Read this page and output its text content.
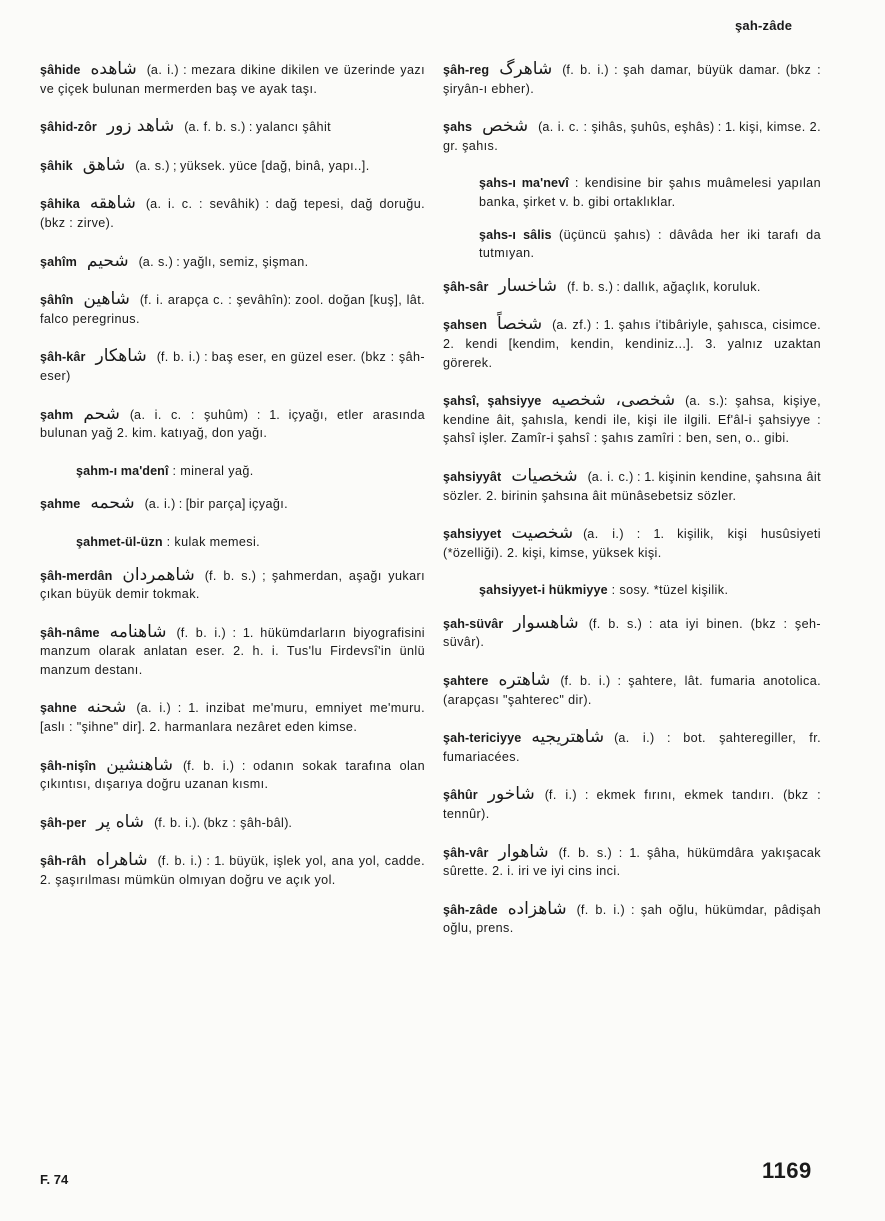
şah-zâde
şâhide شاهده (a. i.) : mezara dikine dikilen ve üzerinde yazı ve çiçek bulunan mermerden baş ve ayak taşı.
şâhid-zôr شاهد زور (a. f. b. s.) : yalancı şâhit
şâhik شاهق (a. s.) ; yüksek. yüce [dağ, binâ, yapı..].
şâhika شاهقه (a. i. c. : sevâhik) : dağ tepesi, dağ doruğu. (bkz : zirve).
şahîm شحيم (a. s.) : yağlı, semiz, şişman.
şâhîn شاهين (f. i. arapça c. : şevâhîn): zool. doğan [kuş], lât. falco peregrinus.
şâh-kâr شاهكار (f. b. i.) : baş eser, en güzel eser. (bkz : şâh-eser)
şahm شحم (a. i. c. : şuhûm) : 1. içyağı, etler arasında bulunan yağ 2. kim. katıyağ, don yağı.
şahm-ı ma'denî : mineral yağ.
şahme شحمه (a. i.) : [bir parça] içyağı.
şahmet-ül-üzn : kulak memesi.
şâh-merdân شاهمردان (f. b. s.) ; şahmerdan, aşağı yukarı çıkan büyük demir tokmak.
şâh-nâme شاهنامه (f. b. i.) : 1. hükümdarların biyografisini manzum olarak anlatan eser. 2. h. i. Tus'lu Firdevsî'in ünlü manzum destanı.
şahne شحنه (a. i.) : 1. inzibat me'muru, emniyet me'muru. [aslı : "şihne" dir]. 2. harmanlara nezâret eden kimse.
şâh-nişîn شاهنشين (f. b. i.) : odanın sokak tarafına olan çıkıntısı, dışarıya doğru uzanan kısmı.
şâh-per شاه پر (f. b. i.). (bkz : şâh-bâl).
şâh-râh شاهراه (f. b. i.) : 1. büyük, işlek yol, ana yol, cadde. 2. şaşırılması mümkün olmıyan doğru ve açık yol.
şâh-reg شاهرگ (f. b. i.) : şah damar, büyük damar. (bkz : şiryân-ı ebher).
şahs شخص (a. i. c. : şihâs, şuhûs, eşhâs) : 1. kişi, kimse. 2. gr. şahıs.
şahs-ı ma'nevî : kendisine bir şahıs muâmelesi yapılan banka, şirket v. b. gibi ortaklıklar.
şahs-ı sâlis (üçüncü şahıs) : dâvâda her iki tarafı da tutmıyan.
şâh-sâr شاخسار (f. b. s.) : dallık, ağaçlık, koruluk.
şahsen شخصاً (a. zf.) : 1. şahıs i'tibâriyle, şahısca, cisimce. 2. kendi [kendim, kendin, kendiniz...]. 3. yalnız uzaktan görerek.
şahsî, şahsiyye شخصى، شخصيه (a. s.): şahsa, kişiye, kendine âit, şahısla, kendi ile, kişi ile ilgili. Ef'âl-i şahsiyye : şahsî işler. Zamîr-i şahsî : şahıs zamîri : ben, sen, o.. gibi.
şahsiyyât شخصيات (a. i. c.) : 1. kişinin kendine, şahsına âit sözler. 2. birinin şahsına âit münâsebetsiz sözler.
şahsiyyet شخصيت (a. i.) : 1. kişilik, kişi husûsiyeti (*özelliği). 2. kişi, kimse, yüksek kişi.
şahsiyyet-i hükmiyye : sosy. *tüzel kişilik.
şah-süvâr شاهسوار (f. b. s.) : ata iyi binen. (bkz : şeh-süvâr).
şahtere شاهتره (f. b. i.) : şahtere, lât. fumaria anotolica. (arapçası "şahterec" dir).
şah-tericiyye شاهتريجيه (a. i.) : bot. şahteregiller, fr. fumariacées.
şâhûr شاخور (f. i.) : ekmek fırını, ekmek tandırı. (bkz : tennûr).
şâh-vâr شاهوار (f. b. s.) : 1. şâha, hükümdâra yakışacak sûrette. 2. i. iri ve iyi cins inci.
şâh-zâde شاهزاده (f. b. i.) : şah oğlu, hükümdar, pâdişah oğlu, prens.
F. 74	1169
